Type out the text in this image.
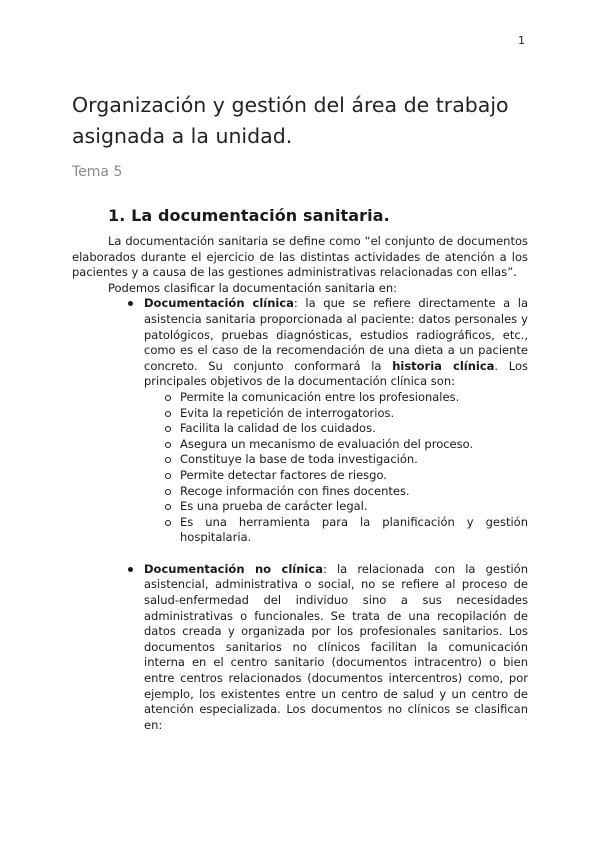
1
Organización y gestión del área de trabajo asignada a la unidad.
Tema 5
1. La documentación sanitaria.

La documentación sanitaria se define como “el conjunto de documentos elaborados durante el ejercicio de las distintas actividades de atención a los pacientes y a causa de las gestiones administrativas relacionadas con ellas”.

Podemos clasificar la documentación sanitaria en:

Documentación clínica: la que se refiere directamente a la asistencia sanitaria proporcionada al paciente: datos personales y patológicos, pruebas diagnósticas, estudios radiográficos, etc., como es el caso de la recomendación de una dieta a un paciente concreto. Su conjunto conformará la historia clínica. Los principales objetivos de la documentación clínica son:
Permite la comunicación entre los profesionales.
Evita la repetición de interrogatorios.
Facilita la calidad de los cuidados.
Asegura un mecanismo de evaluación del proceso.
Constituye la base de toda investigación.
Permite detectar factores de riesgo.
Recoge información con fines docentes.
Es una prueba de carácter legal.
Es una herramienta para la planificación y gestión hospitalaria.
Documentación no clínica: la relacionada con la gestión asistencial, administrativa o social, no se refiere al proceso de salud-enfermedad del individuo sino a sus necesidades administrativas o funcionales. Se trata de una recopilación de datos creada y organizada por los profesionales sanitarios. Los documentos sanitarios no clínicos facilitan la comunicación interna en el centro sanitario (documentos intracentro) o bien entre centros relacionados (documentos intercentros) como, por ejemplo, los existentes entre un centro de salud y un centro de atención especializada. Los documentos no clínicos se clasifican en:
